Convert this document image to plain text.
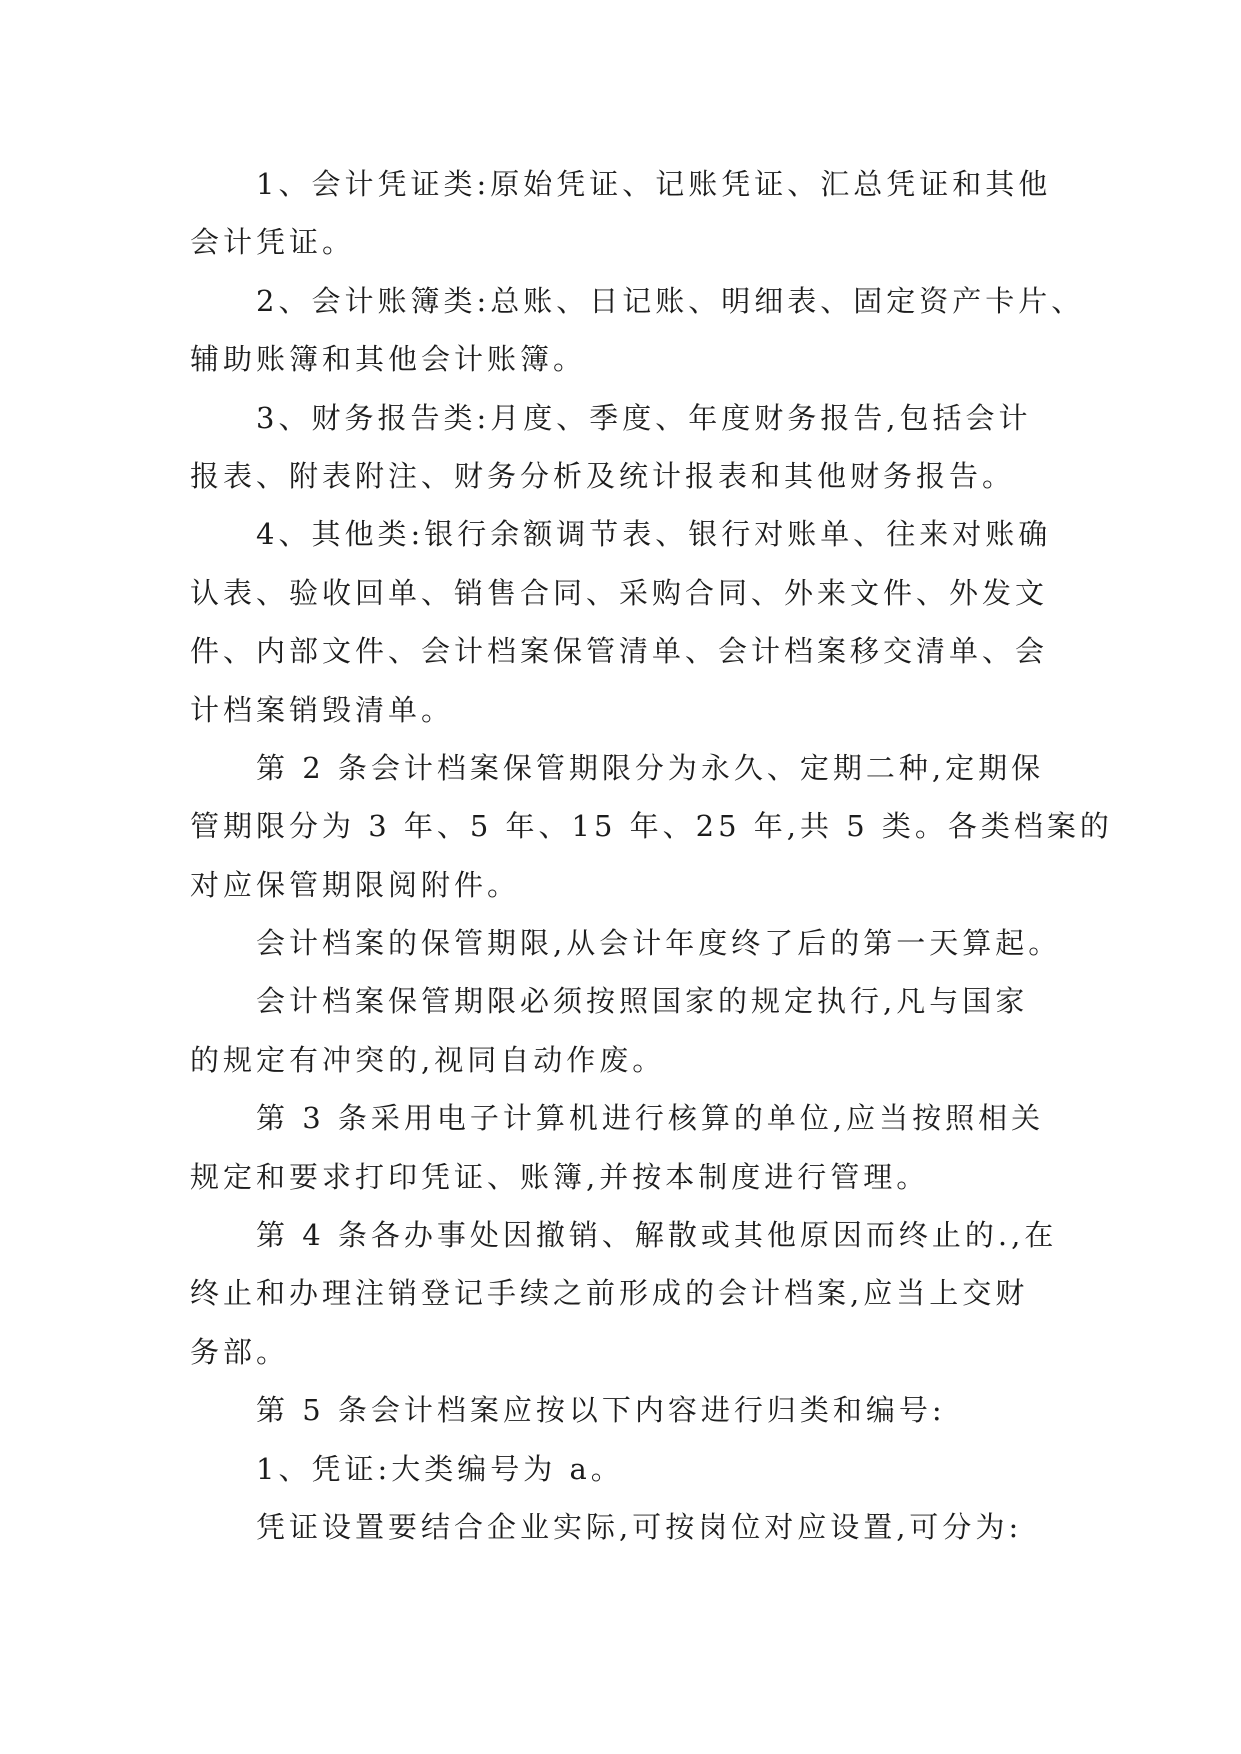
1、会计凭证类:原始凭证、记账凭证、汇总凭证和其他
会计凭证。
2、会计账簿类:总账、日记账、明细表、固定资产卡片、
辅助账簿和其他会计账簿。
3、财务报告类:月度、季度、年度财务报告,包括会计
报表、附表附注、财务分析及统计报表和其他财务报告。
4、其他类:银行余额调节表、银行对账单、往来对账确
认表、验收回单、销售合同、采购合同、外来文件、外发文
件、内部文件、会计档案保管清单、会计档案移交清单、会
计档案销毁清单。
第 2 条会计档案保管期限分为永久、定期二种,定期保
管期限分为 3 年、5 年、15 年、25 年,共 5 类。各类档案的
对应保管期限阅附件。
会计档案的保管期限,从会计年度终了后的第一天算起。
会计档案保管期限必须按照国家的规定执行,凡与国家
的规定有冲突的,视同自动作废。
第 3 条采用电子计算机进行核算的单位,应当按照相关
规定和要求打印凭证、账簿,并按本制度进行管理。
第 4 条各办事处因撤销、解散或其他原因而终止的.,在
终止和办理注销登记手续之前形成的会计档案,应当上交财
务部。
第 5 条会计档案应按以下内容进行归类和编号:
1、凭证:大类编号为 a。
凭证设置要结合企业实际,可按岗位对应设置,可分为:
